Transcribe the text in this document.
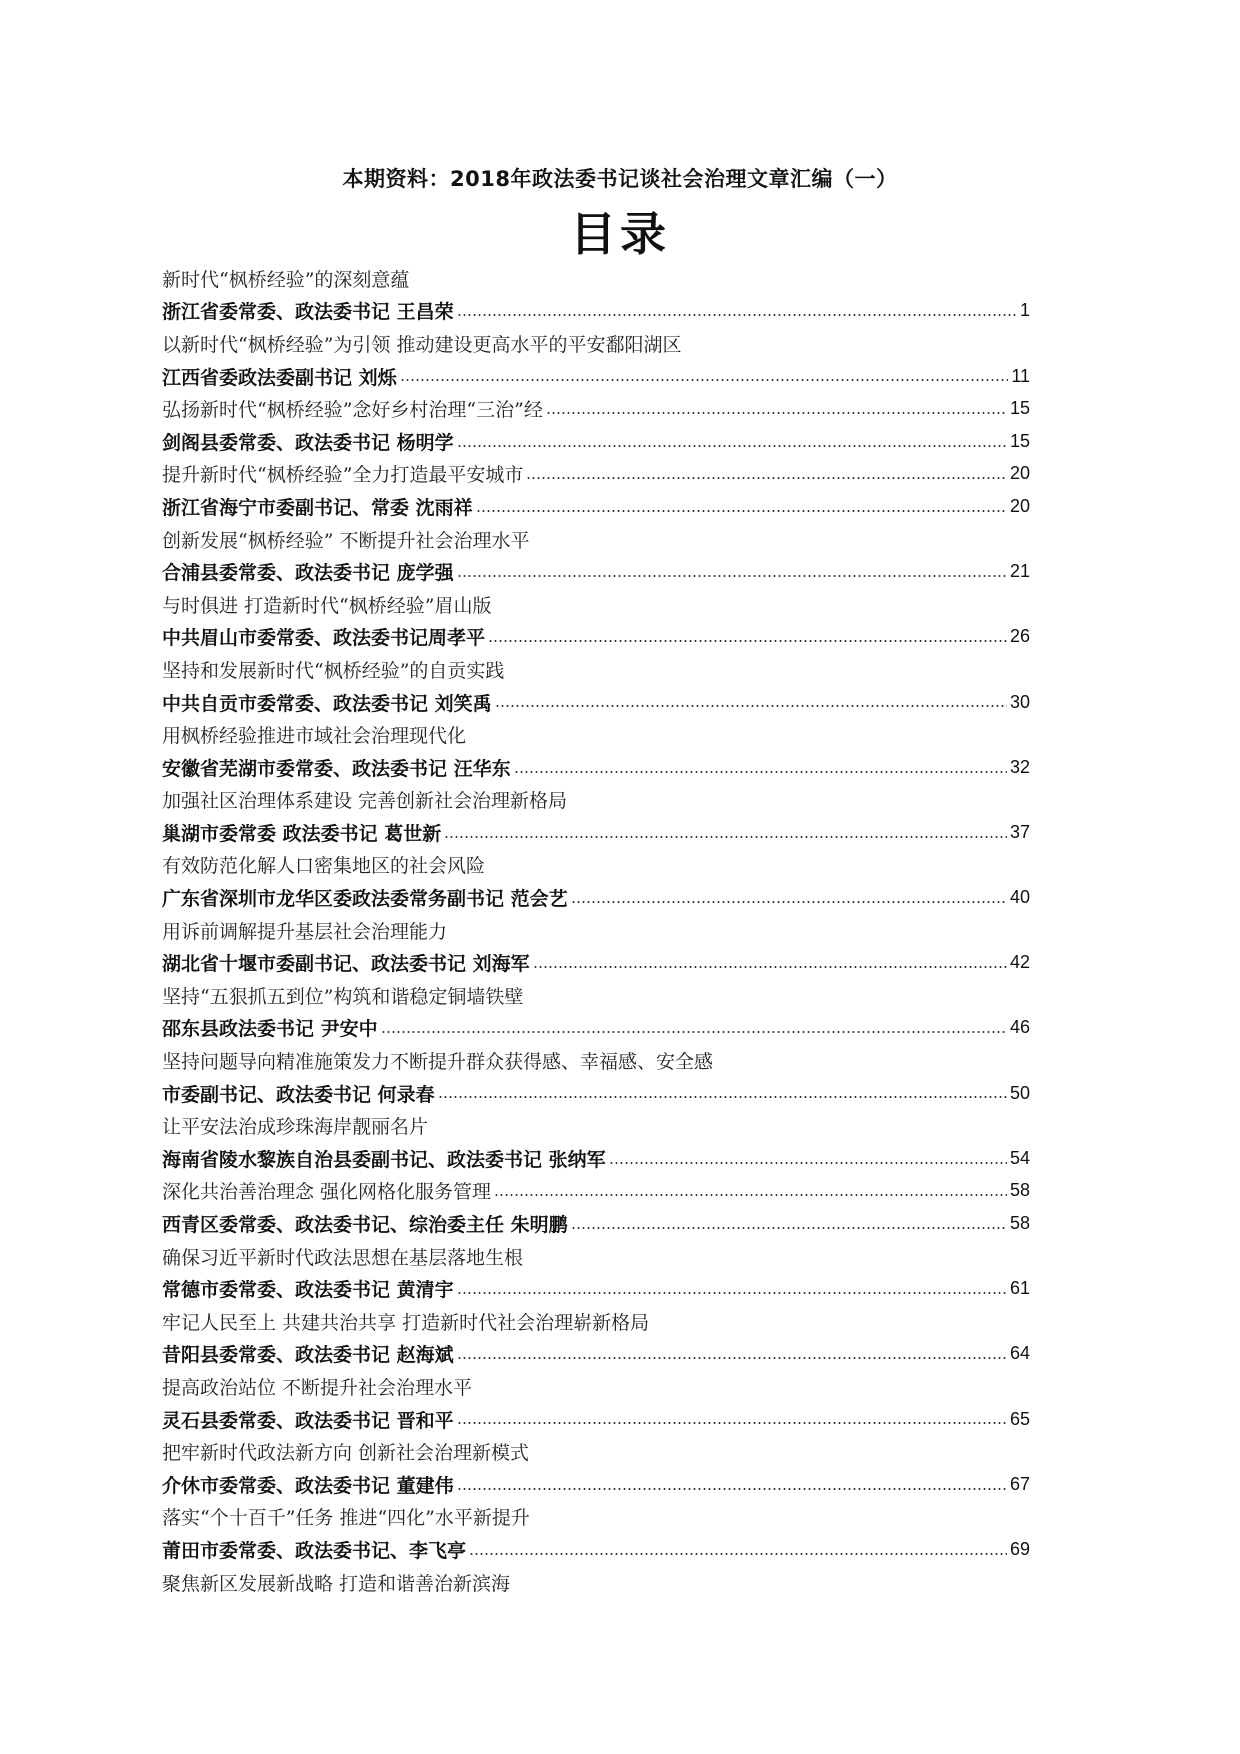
本期资料：2018年政法委书记谈社会治理文章汇编（一）
目录
新时代“枫桥经验”的深刻意蕴
浙江省委常委、政法委书记 王昌荣	1
以新时代“枫桥经验”为引领 推动建设更高水平的平安鄱阳湖区
江西省委政法委副书记 刘烁	11
弘扬新时代“枫桥经验”念好乡村治理“三治”经	15
剑阁县委常委、政法委书记 杨明学	15
提升新时代“枫桥经验”全力打造最平安城市	20
浙江省海宁市委副书记、常委 沈雨祥	20
创新发展“枫桥经验” 不断提升社会治理水平
合浦县委常委、政法委书记 庞学强	21
与时俱进 打造新时代“枫桥经验”眉山版
中共眉山市委常委、政法委书记周孝平	26
坚持和发展新时代“枫桥经验”的自贡实践
中共自贡市委常委、政法委书记 刘笑禹	30
用枫桥经验推进市域社会治理现代化
安徽省芜湖市委常委、政法委书记 汪华东	32
加强社区治理体系建设 完善创新社会治理新格局
巢湖市委常委 政法委书记 葛世新	37
有效防范化解人口密集地区的社会风险
广东省深圳市龙华区委政法委常务副书记 范会艺	40
用诉前调解提升基层社会治理能力
湖北省十堰市委副书记、政法委书记 刘海军	42
坚持“五狠抓五到位”构筑和谐稳定铜墙铁壁
邵东县政法委书记 尹安中	46
坚持问题导向精准施策发力不断提升群众获得感、幸福感、安全感
市委副书记、政法委书记 何录春	50
让平安法治成珍珠海岸靓丽名片
海南省陵水黎族自治县委副书记、政法委书记 张纳军	54
深化共治善治理念 强化网格化服务管理	58
西青区委常委、政法委书记、综治委主任 朱明鹏	58
确保习近平新时代政法思想在基层落地生根
常德市委常委、政法委书记 黄清宇	61
牢记人民至上 共建共治共享 打造新时代社会治理崭新格局
昔阳县委常委、政法委书记 赵海斌	64
提高政治站位 不断提升社会治理水平
灵石县委常委、政法委书记 晋和平	65
把牢新时代政法新方向 创新社会治理新模式
介休市委常委、政法委书记 董建伟	67
落实“个十百千”任务 推进“四化”水平新提升
莆田市委常委、政法委书记、李飞亭	69
聚焦新区发展新战略 打造和谐善治新滨海
